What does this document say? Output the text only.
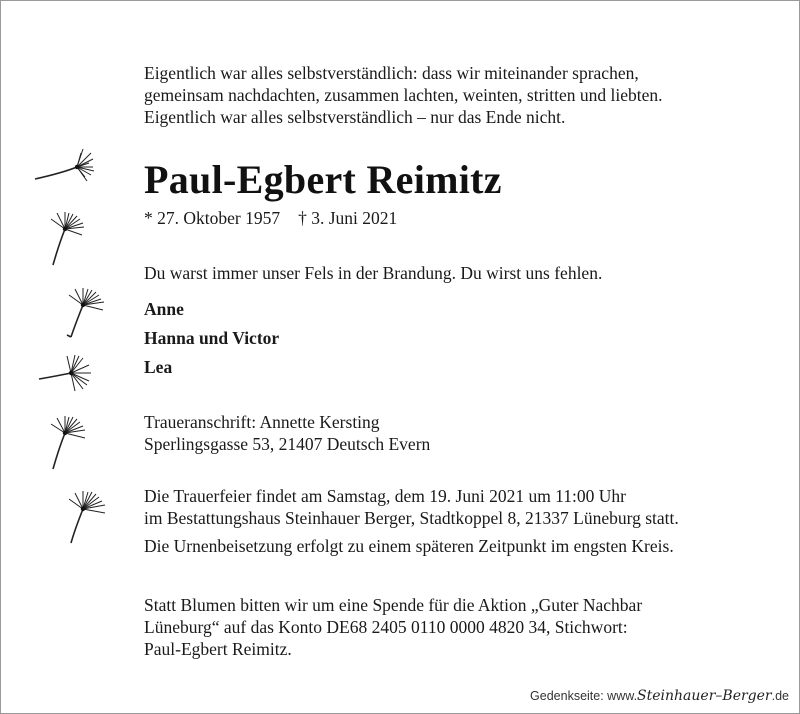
Eigentlich war alles selbstverständlich: dass wir miteinander sprachen,
gemeinsam nachdachten, zusammen lachten, weinten, stritten und liebten.
Eigentlich war alles selbstverständlich – nur das Ende nicht.
Paul-Egbert Reimitz
* 27. Oktober 1957 † 3. Juni 2021
Du warst immer unser Fels in der Brandung. Du wirst uns fehlen.
Anne
Hanna und Victor
Lea
Traueranschrift: Annette Kersting
Sperlingsgasse 53, 21407 Deutsch Evern
Die Trauerfeier findet am Samstag, dem 19. Juni 2021 um 11:00 Uhr
im Bestattungshaus Steinhauer Berger, Stadtkoppel 8, 21337 Lüneburg statt.
Die Urnenbeisetzung erfolgt zu einem späteren Zeitpunkt im engsten Kreis.
Statt Blumen bitten wir um eine Spende für die Aktion „Guter Nachbar
Lüneburg“ auf das Konto DE68 2405 0110 0000 4820 34, Stichwort:
Paul-Egbert Reimitz.
Gedenkseite: www.Steinhauer–Berger.de
